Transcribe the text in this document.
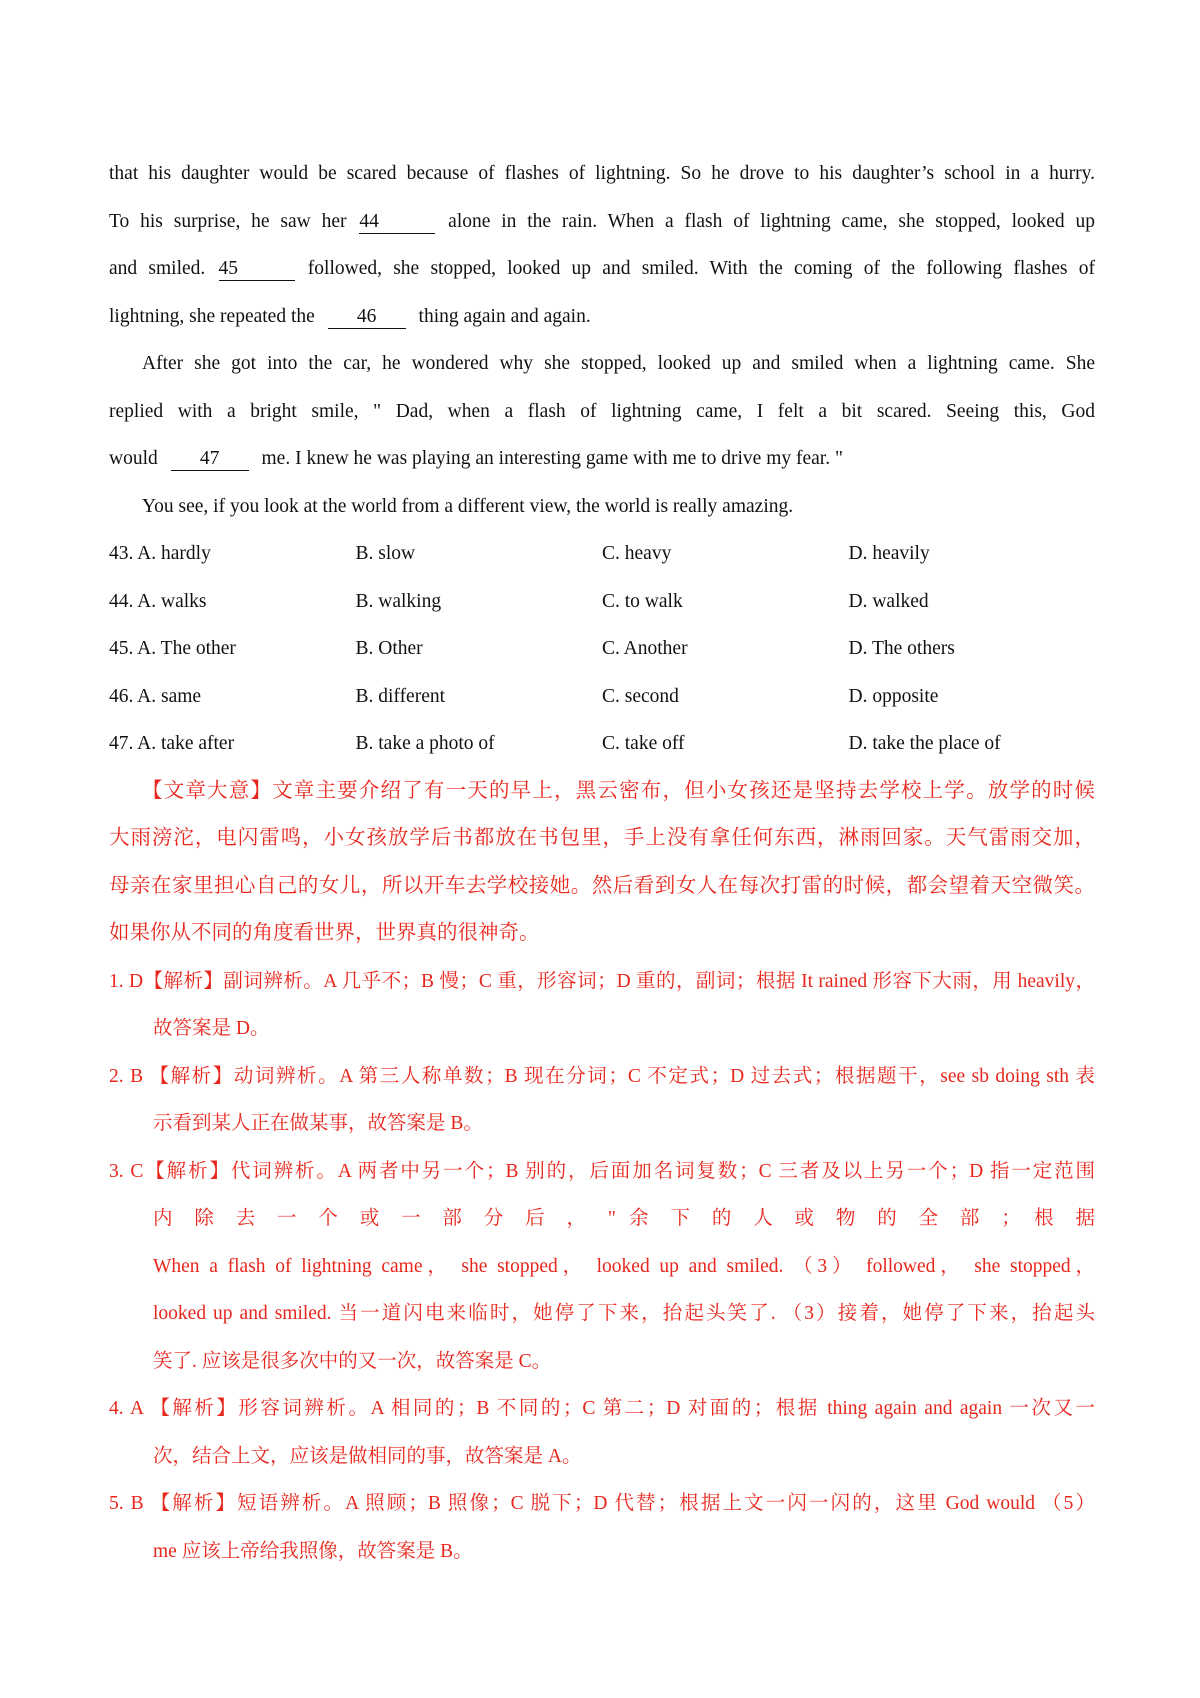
that his daughter would be scared because of flashes of lightning. So he drove to his daughter’s school in a hurry.
To his surprise, he saw her 44	alone in the rain. When a flash of lightning came, she stopped, looked up
and smiled. 45	followed, she stopped, looked up and smiled. With the coming of the following flashes of
lightning, she repeated the 46 thing again and again.
After she got into the car, he wondered why she stopped, looked up and smiled when a lightning came. She
replied with a bright smile, " Dad, when a flash of lightning came, I felt a bit scared. Seeing this, God
would 47 me. I knew he was playing an interesting game with me to drive my fear. "
You see, if you look at the world from a different view, the world is really amazing.
43. A. hardly	B. slow	C. heavy	D. heavily
44. A. walks	B. walking	C. to walk	D. walked
45. A. The other	B. Other	C. Another	D. The others
46. A. same	B. different	C. second	D. opposite
47. A. take after	B. take a photo of	C. take off	D. take the place of
【文章大意】文章主要介绍了有一天的早上，黑云密布，但小女孩还是坚持去学校上学。放学的时候
大雨滂沱，电闪雷鸣，小女孩放学后书都放在书包里，手上没有拿任何东西，淋雨回家。天气雷雨交加，
母亲在家里担心自己的女儿，所以开车去学校接她。然后看到女人在每次打雷的时候，都会望着天空微笑。
如果你从不同的角度看世界，世界真的很神奇。
1. D【解析】副词辨析。A 几乎不；B 慢；C 重，形容词；D 重的，副词；根据 It rained 形容下大雨，用 heavily，
故答案是 D。
2. B 【解析】动词辨析。A 第三人称单数；B 现在分词；C 不定式；D 过去式；根据题干，see sb doing sth 表
示看到某人正在做某事，故答案是 B。
3. C【解析】代词辨析。A 两者中另一个；B 别的，后面加名词复数；C 三者及以上另一个；D 指一定范围
内 除 去 一 个 或 一 部 分 后 ， " 余 下 的 人 或 物 的 全 部 ； 根 据
When a flash of lightning came， she stopped， looked up and smiled. （3） followed， she stopped，
looked up and smiled. 当一道闪电来临时，她停了下来，抬起头笑了. （3）接着，她停了下来，抬起头
笑了. 应该是很多次中的又一次，故答案是 C。
4. A 【解析】形容词辨析。A 相同的；B 不同的；C 第二；D 对面的；根据 thing again and again 一次又一
次，结合上文，应该是做相同的事，故答案是 A。
5. B 【解析】短语辨析。A 照顾；B 照像；C 脱下；D 代替；根据上文一闪一闪的，这里 God would （5）
me 应该上帝给我照像，故答案是 B。
